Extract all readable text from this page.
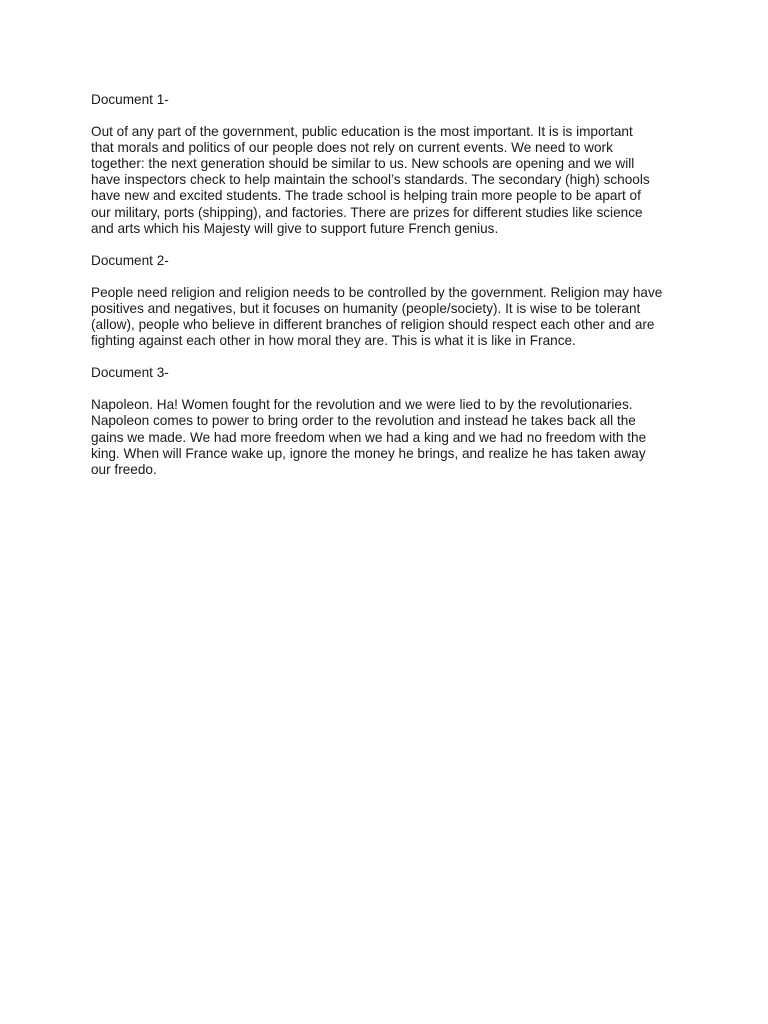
Document 1-

Out of any part of the government, public education is the most important. It is is important
that morals and politics of our people does not rely on current events. We need to work
together: the next generation should be similar to us. New schools are opening and we will
have inspectors check to help maintain the school’s standards. The secondary (high) schools
have new and excited students. The trade school is helping train more people to be apart of
our military, ports (shipping), and factories. There are prizes for different studies like science
and arts which his Majesty will give to support future French genius.

Document 2-

People need religion and religion needs to be controlled by the government. Religion may have
positives and negatives, but it focuses on humanity (people/society). It is wise to be tolerant
(allow), people who believe in different branches of religion should respect each other and are
fighting against each other in how moral they are. This is what it is like in France.

Document 3-

Napoleon. Ha! Women fought for the revolution and we were lied to by the revolutionaries.
Napoleon comes to power to bring order to the revolution and instead he takes back all the
gains we made. We had more freedom when we had a king and we had no freedom with the
king. When will France wake up, ignore the money he brings, and realize he has taken away
our freedo.
